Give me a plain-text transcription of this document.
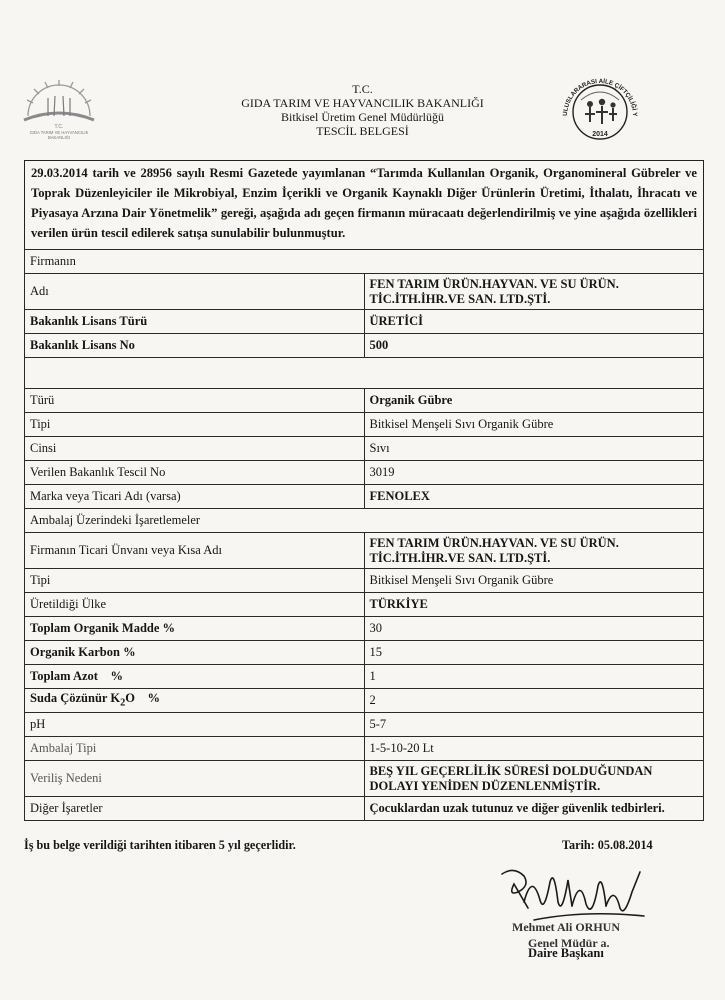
T.C.
GIDA TARIM VE HAYVANCILIK
BAKANLIĞI
T.C.
GIDA TARIM VE HAYVANCILIK BAKANLIĞI
Bitkisel Üretim Genel Müdürlüğü
TESCİL BELGESİ
ULUSLARARASI AİLE ÇİFTÇİLİĞİ Y
2014
29.03.2014 tarih ve 28956 sayılı Resmi Gazetede yayımlanan “Tarımda Kullanılan Organik, Organomineral Gübreler ve Toprak Düzenleyiciler ile Mikrobiyal, Enzim İçerikli ve Organik Kaynaklı Diğer Ürünlerin Üretimi, İthalatı, İhracatı ve Piyasaya Arzına Dair Yönetmelik” gereği, aşağıda adı geçen firmanın müracaatı değerlendirilmiş ve yine aşağıda özellikleri verilen ürün tescil edilerek satışa sunulabilir bulunmuştur.
Firmanın	
Adı	FEN TARIM ÜRÜN.HAYVAN. VE SU ÜRÜN. TİC.İTH.İHR.VE SAN. LTD.ŞTİ.
Bakanlık Lisans Türü	ÜRETİCİ
Bakanlık Lisans No	500

Türü	Organik Gübre
Tipi	Bitkisel Menşeli Sıvı Organik Gübre
Cinsi	Sıvı
Verilen Bakanlık Tescil No	3019
Marka veya Ticari Adı (varsa)	FENOLEX
Ambalaj Üzerindeki İşaretlemeler	
Firmanın Ticari Ünvanı veya Kısa Adı	FEN TARIM ÜRÜN.HAYVAN. VE SU ÜRÜN. TİC.İTH.İHR.VE SAN. LTD.ŞTİ.
Tipi	Bitkisel Menşeli Sıvı Organik Gübre
Üretildiği Ülke	TÜRKİYE
Toplam Organik Madde %	30
Organik Karbon %	15
Toplam Azot    %	1
Suda Çözünür $K_2O$    %	2
pH	5-7
Ambalaj Tipi	1-5-10-20 Lt
Veriliş Nedeni	BEŞ YIL GEÇERLİLİK SÜRESİ DOLDUĞUNDAN DOLAYI YENİDEN DÜZENLENMİŞTİR.
Diğer İşaretler	Çocuklardan uzak tutunuz ve diğer güvenlik tedbirleri.
İş bu belge verildiği tarihten itibaren 5 yıl geçerlidir.	Tarih: 05.08.2014
Mehmet Ali ORHUN
Genel Müdür a.
Daire Başkanı
